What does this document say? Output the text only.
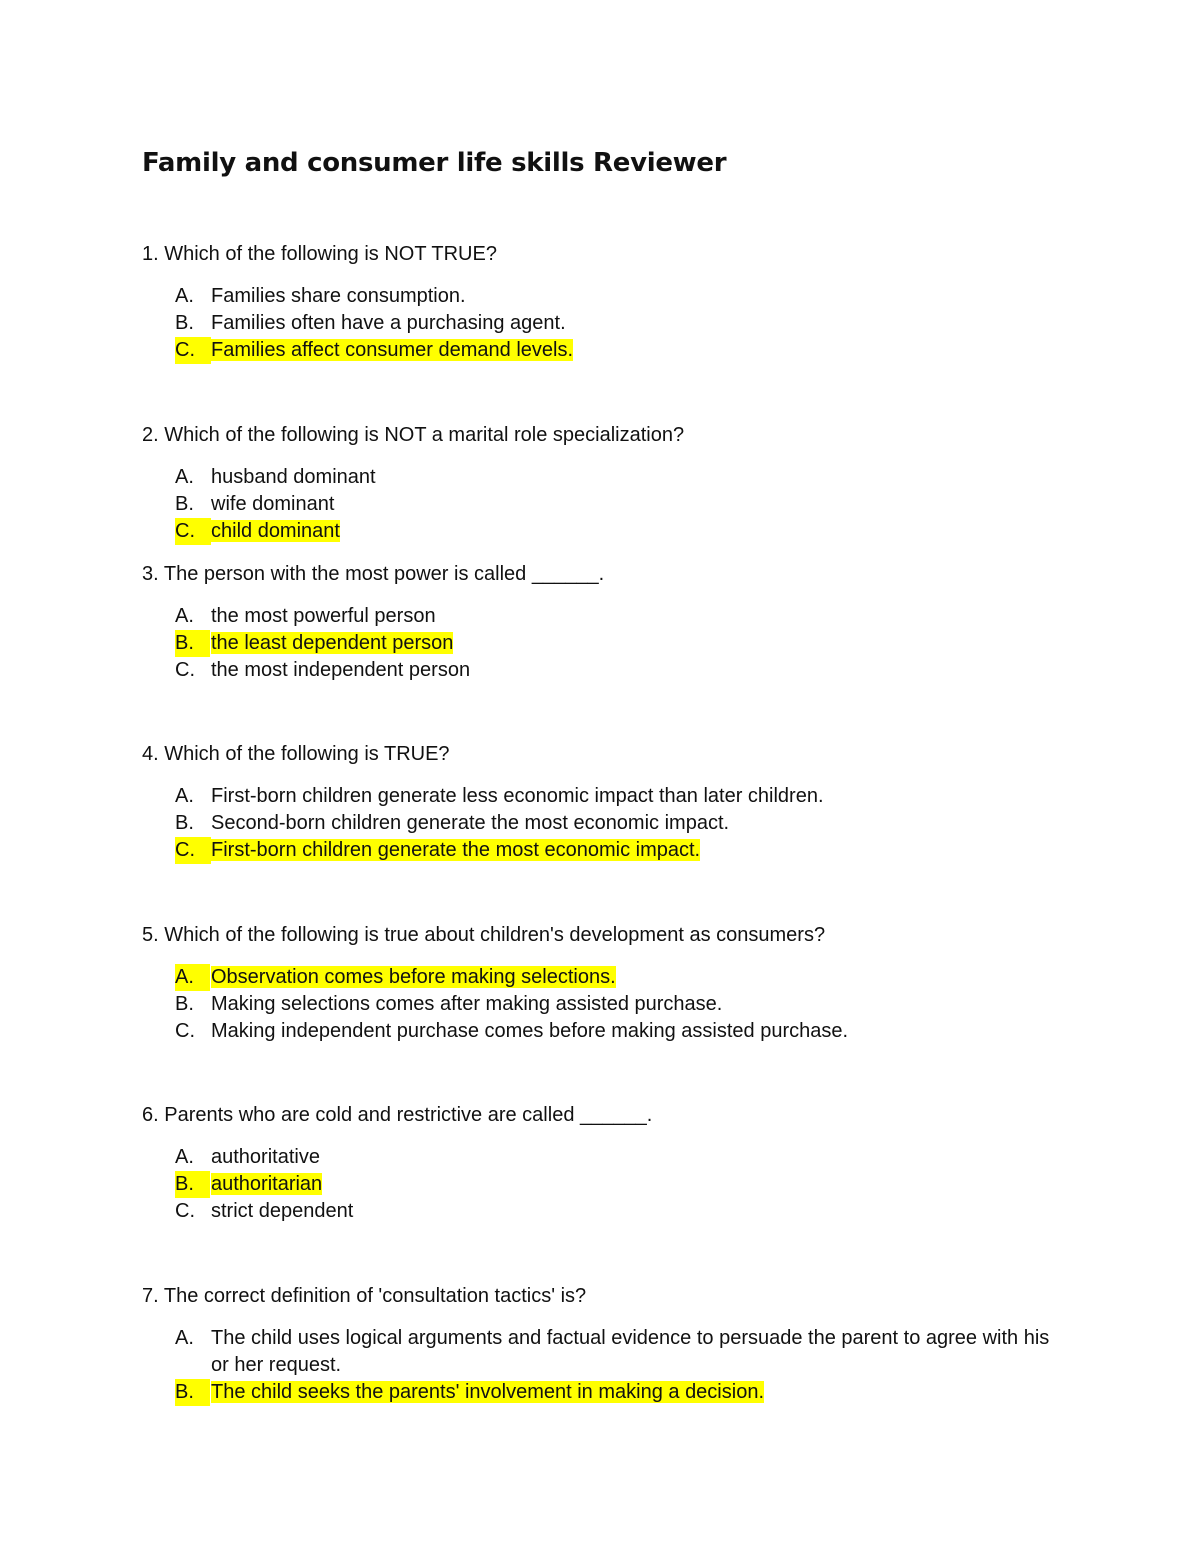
Family and consumer life skills Reviewer

1. Which of the following is NOT TRUE?

A. Families share consumption.
B. Families often have a purchasing agent.
C. Families affect consumer demand levels.

2. Which of the following is NOT a marital role specialization?

A. husband dominant
B. wife dominant
C. child dominant

3. The person with the most power is called ______.

A. the most powerful person
B. the least dependent person
C. the most independent person

4. Which of the following is TRUE?

A. First-born children generate less economic impact than later children.
B. Second-born children generate the most economic impact.
C. First-born children generate the most economic impact.

5. Which of the following is true about children's development as consumers?

A. Observation comes before making selections.
B. Making selections comes after making assisted purchase.
C. Making independent purchase comes before making assisted purchase.

6. Parents who are cold and restrictive are called ______.

A. authoritative
B. authoritarian
C. strict dependent

7. The correct definition of 'consultation tactics' is?

A. The child uses logical arguments and factual evidence to persuade the parent to agree with his or her request.
B. The child seeks the parents' involvement in making a decision.
